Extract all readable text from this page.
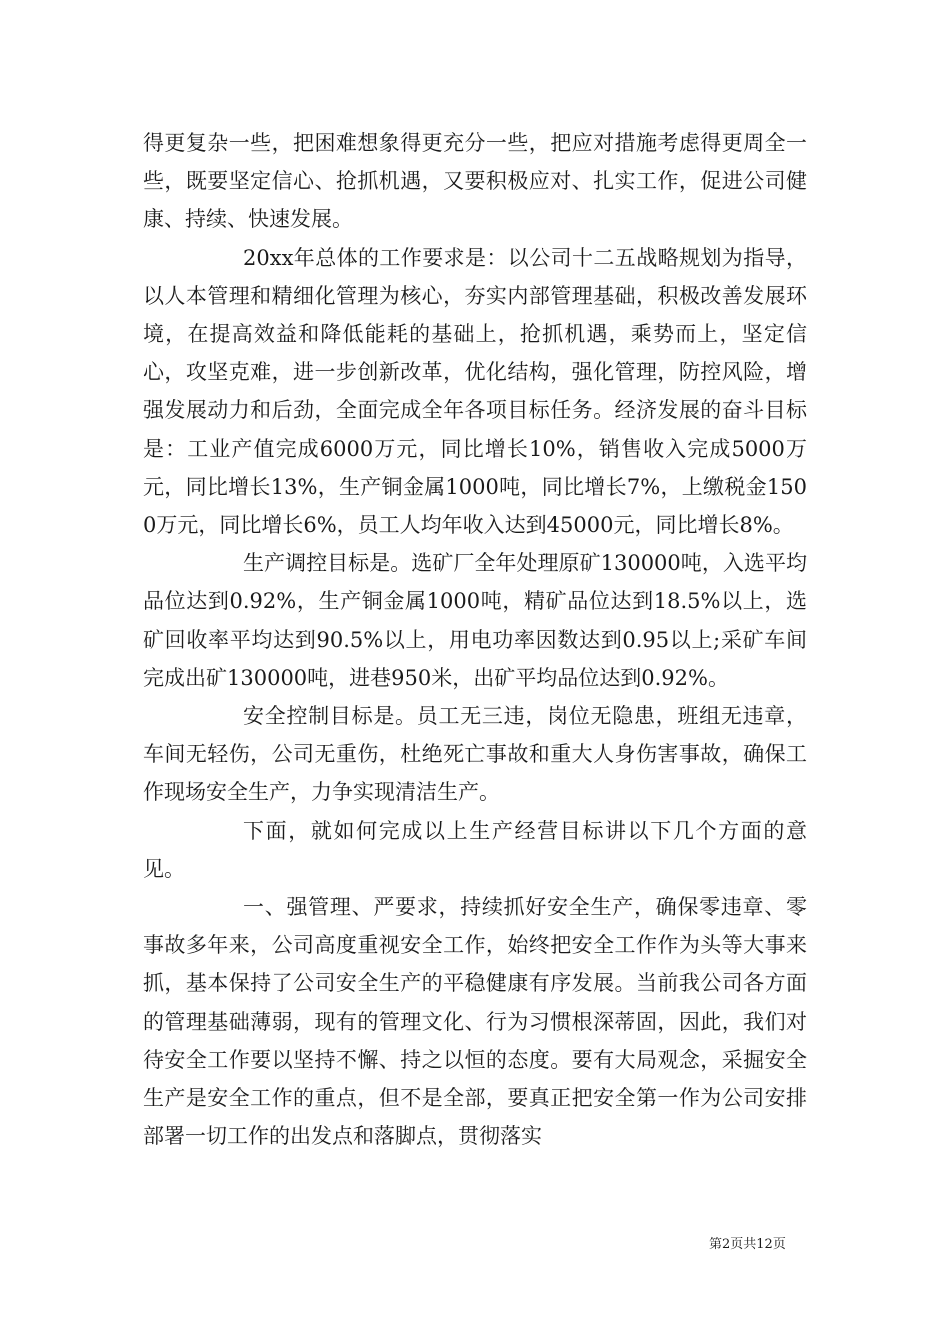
得更复杂一些，把困难想象得更充分一些，把应对措施考虑得更周全一些，既要坚定信心、抢抓机遇，又要积极应对、扎实工作，促进公司健康、持续、快速发展。

20xx年总体的工作要求是：以公司十二五战略规划为指导，以人本管理和精细化管理为核心，夯实内部管理基础，积极改善发展环境，在提高效益和降低能耗的基础上，抢抓机遇，乘势而上，坚定信心，攻坚克难，进一步创新改革，优化结构，强化管理，防控风险，增强发展动力和后劲，全面完成全年各项目标任务。经济发展的奋斗目标是：工业产值完成6000万元，同比增长10%，销售收入完成5000万元，同比增长13%，生产铜金属1000吨，同比增长7%，上缴税金1500万元，同比增长6%，员工人均年收入达到45000元，同比增长8%。

生产调控目标是。选矿厂全年处理原矿130000吨，入选平均品位达到0.92%，生产铜金属1000吨，精矿品位达到18.5%以上，选矿回收率平均达到90.5%以上，用电功率因数达到0.95以上;采矿车间完成出矿130000吨，进巷950米，出矿平均品位达到0.92%。

安全控制目标是。员工无三违，岗位无隐患，班组无违章，车间无轻伤，公司无重伤，杜绝死亡事故和重大人身伤害事故，确保工作现场安全生产，力争实现清洁生产。

下面，就如何完成以上生产经营目标讲以下几个方面的意见。

一、强管理、严要求，持续抓好安全生产，确保零违章、零事故多年来，公司高度重视安全工作，始终把安全工作作为头等大事来抓，基本保持了公司安全生产的平稳健康有序发展。当前我公司各方面的管理基础薄弱，现有的管理文化、行为习惯根深蒂固，因此，我们对待安全工作要以坚持不懈、持之以恒的态度。要有大局观念，采掘安全生产是安全工作的重点，但不是全部，要真正把安全第一作为公司安排部署一切工作的出发点和落脚点，贯彻落实

第2页共12页
